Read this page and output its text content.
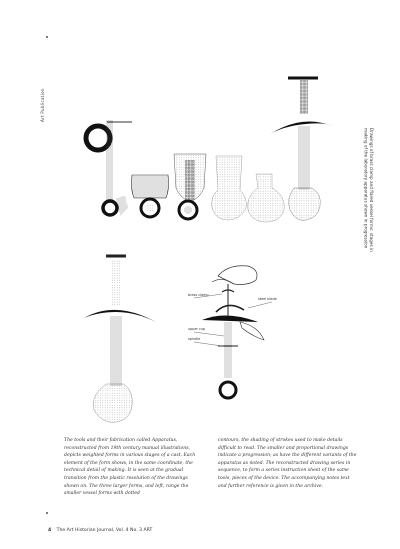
Art Publication
Drawings of brass clamp and flared vessel forms: stages in making of the laboratory apparatus shown in progression
brass clamp
upper cup
spindle
steel blade

The tools and their fabrication called Apparatus, reconstructed from 19th century manual illustrations, depicts weighted forms in various stages of a cast. Each element of the form shows, in the same coordinate, the technical detail of making. It is seen at the gradual transition from the plastic resolution of the drawings shown on. The three larger forms, and left, range the smaller vessel forms with dotted

contours, the shading of strokes used to make details difficult to read. The smaller and proportional drawings indicate a progression; as have the different variants of the apparatus as noted. The reconstructed drawing series in sequence, to form a series instruction sheet of the same tools, pieces of the device. The accompanying notes text and further reference is given in the archive.

4 The Art Historian Journal, Vol. 4 No. 3 ART
